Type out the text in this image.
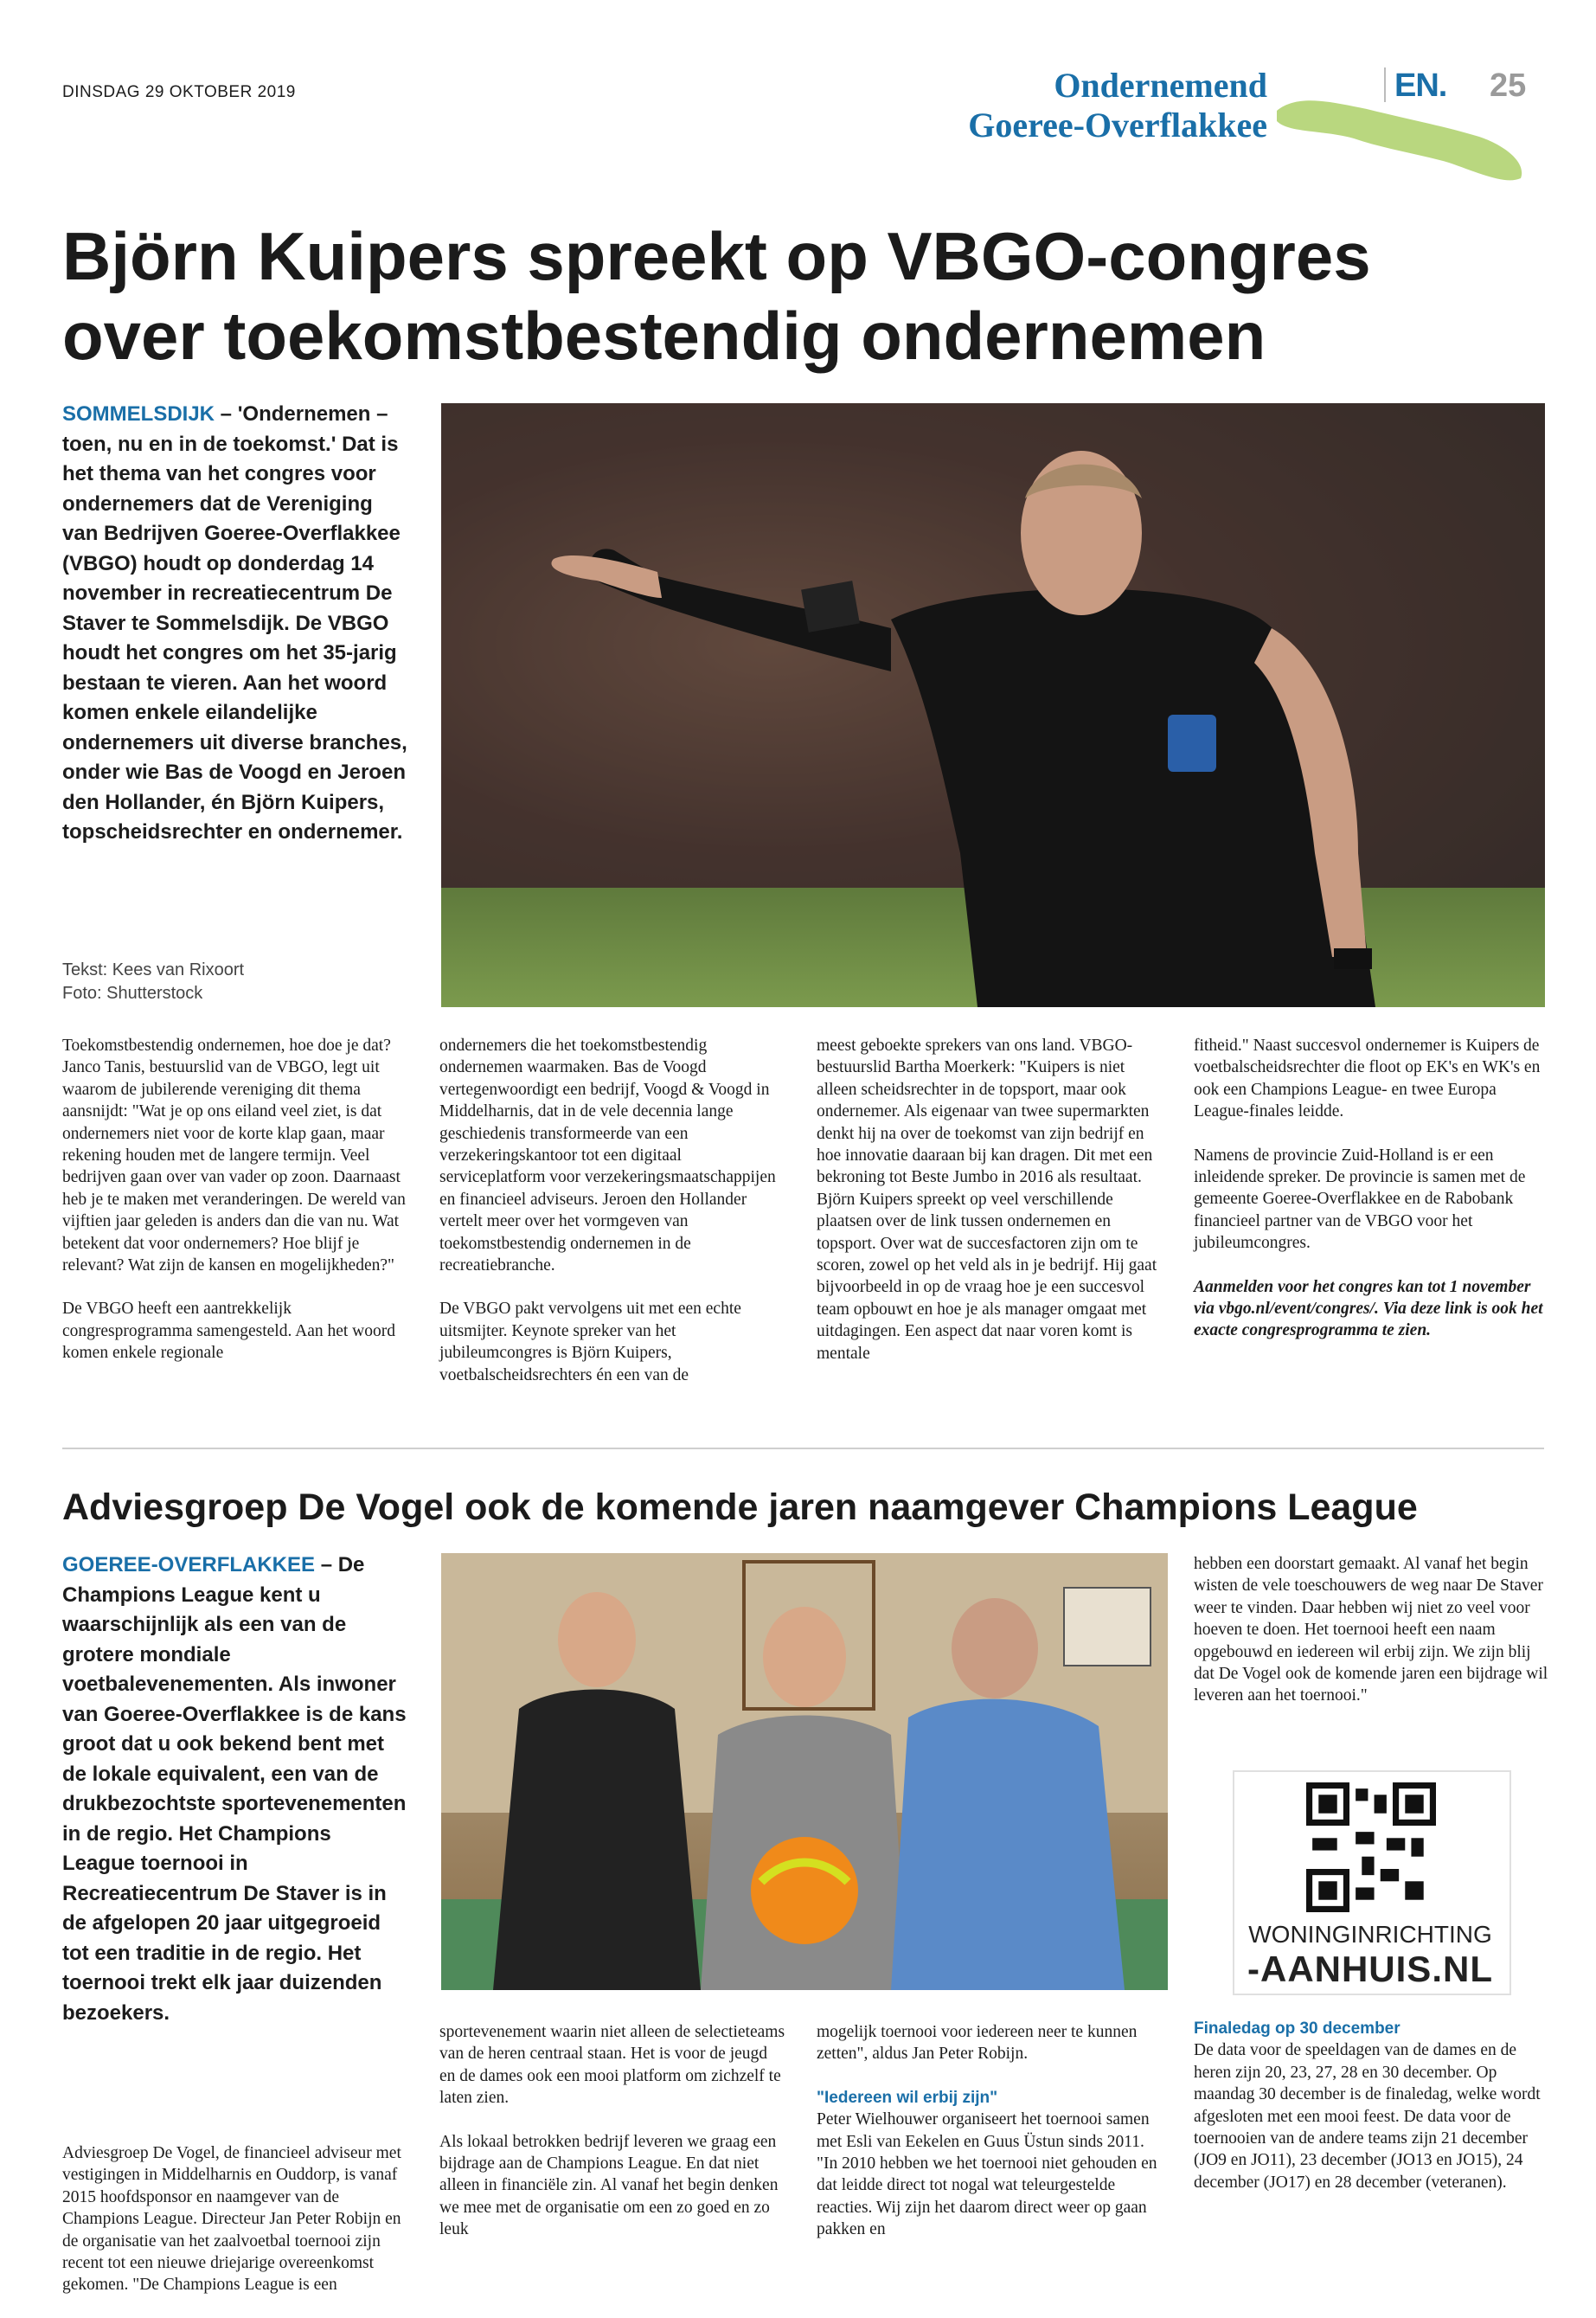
DINSDAG 29 OKTOBER 2019	Ondernemend
Goeree-Overflakkee
EN. 25
Björn Kuipers spreekt op VBGO-congres
over toekomstbestendig ondernemen
SOMMELSDIJK – 'Ondernemen – toen, nu en in de toekomst.' Dat is het thema van het congres voor ondernemers dat de Vereniging van Bedrijven Goeree-Overflakkee (VBGO) houdt op donderdag 14 november in recreatiecentrum De Staver te Sommelsdijk. De VBGO houdt het congres om het 35-jarig bestaan te vieren. Aan het woord komen enkele eilandelijke ondernemers uit diverse branches, onder wie Bas de Voogd en Jeroen den Hollander, én Björn Kuipers, topscheidsrechter en ondernemer.
Tekst: Kees van Rixoort
Foto: Shutterstock

Toekomstbestendig ondernemen, hoe doe je dat? Janco Tanis, bestuurslid van de VBGO, legt uit waarom de jubilerende vereniging dit thema aansnijdt: "Wat je op ons eiland veel ziet, is dat ondernemers niet voor de korte klap gaan, maar rekening houden met de langere termijn. Veel bedrijven gaan over van vader op zoon. Daarnaast heb je te maken met veranderingen. De wereld van vijftien jaar geleden is anders dan die van nu. Wat betekent dat voor ondernemers? Hoe blijf je relevant? Wat zijn de kansen en mogelijkheden?"

De VBGO heeft een aantrekkelijk congresprogramma samengesteld. Aan het woord komen enkele regionale

ondernemers die het toekomstbestendig ondernemen waarmaken. Bas de Voogd vertegenwoordigt een bedrijf, Voogd & Voogd in Middelharnis, dat in de vele decennia lange geschiedenis transformeerde van een verzekeringskantoor tot een digitaal serviceplatform voor verzekeringsmaatschappijen en financieel adviseurs. Jeroen den Hollander vertelt meer over het vormgeven van toekomstbestendig ondernemen in de recreatiebranche.

De VBGO pakt vervolgens uit met een echte uitsmijter. Keynote spreker van het jubileumcongres is Björn Kuipers, voetbalscheidsrechters én een van de

meest geboekte sprekers van ons land. VBGO-bestuurslid Bartha Moerkerk: "Kuipers is niet alleen scheidsrechter in de topsport, maar ook ondernemer. Als eigenaar van twee supermarkten denkt hij na over de toekomst van zijn bedrijf en hoe innovatie daaraan bij kan dragen. Dit met een bekroning tot Beste Jumbo in 2016 als resultaat. Björn Kuipers spreekt op veel verschillende plaatsen over de link tussen ondernemen en topsport. Over wat de succesfactoren zijn om te scoren, zowel op het veld als in je bedrijf. Hij gaat bijvoorbeeld in op de vraag hoe je een succesvol team opbouwt en hoe je als manager omgaat met uitdagingen. Een aspect dat naar voren komt is mentale

fitheid." Naast succesvol ondernemer is Kuipers de voetbalscheidsrechter die floot op EK's en WK's en ook een Champions League- en twee Europa League-finales leidde.

Namens de provincie Zuid-Holland is er een inleidende spreker. De provincie is samen met de gemeente Goeree-Overflakkee en de Rabobank financieel partner van de VBGO voor het jubileumcongres.

Aanmelden voor het congres kan tot 1 november via vbgo.nl/event/congres/. Via deze link is ook het exacte congresprogramma te zien.

Adviesgroep De Vogel ook de komende jaren naamgever Champions League
GOEREE-OVERFLAKKEE – De Champions League kent u waarschijnlijk als een van de grotere mondiale voetbalevenementen. Als inwoner van Goeree-Overflakkee is de kans groot dat u ook bekend bent met de lokale equivalent, een van de drukbezochtste sportevenementen in de regio. Het Champions League toernooi in Recreatiecentrum De Staver is in de afgelopen 20 jaar uitgegroeid tot een traditie in de regio. Het toernooi trekt elk jaar duizenden bezoekers.

Adviesgroep De Vogel, de financieel adviseur met vestigingen in Middelharnis en Ouddorp, is vanaf 2015 hoofdsponsor en naamgever van de Champions League. Directeur Jan Peter Robijn en de organisatie van het zaalvoetbal toernooi zijn recent tot een nieuwe driejarige overeenkomst gekomen. "De Champions League is een

sportevenement waarin niet alleen de selectieteams van de heren centraal staan. Het is voor de jeugd en de dames ook een mooi platform om zichzelf te laten zien.

Als lokaal betrokken bedrijf leveren we graag een bijdrage aan de Champions League. En dat niet alleen in financiële zin. Al vanaf het begin denken we mee met de organisatie om een zo goed en zo leuk

mogelijk toernooi voor iedereen neer te kunnen zetten", aldus Jan Peter Robijn.

"Iedereen wil erbij zijn"

Peter Wielhouwer organiseert het toernooi samen met Esli van Eekelen en Guus Üstun sinds 2011. "In 2010 hebben we het toernooi niet gehouden en dat leidde direct tot nogal wat teleurgestelde reacties. Wij zijn het daarom direct weer op gaan pakken en

hebben een doorstart gemaakt. Al vanaf het begin wisten de vele toeschouwers de weg naar De Staver weer te vinden. Daar hebben wij niet zo veel voor hoeven te doen. Het toernooi heeft een naam opgebouwd en iedereen wil erbij zijn. We zijn blij dat De Vogel ook de komende jaren een bijdrage wil leveren aan het toernooi."

WONINGINRICHTING
-AANHUIS.NL
Finaledag op 30 december

De data voor de speeldagen van de dames en de heren zijn 20, 23, 27, 28 en 30 december. Op maandag 30 december is de finaledag, welke wordt afgesloten met een mooi feest. De data voor de toernooien van de andere teams zijn 21 december (JO9 en JO11), 23 december (JO13 en JO15), 24 december (JO17) en 28 december (veteranen).
